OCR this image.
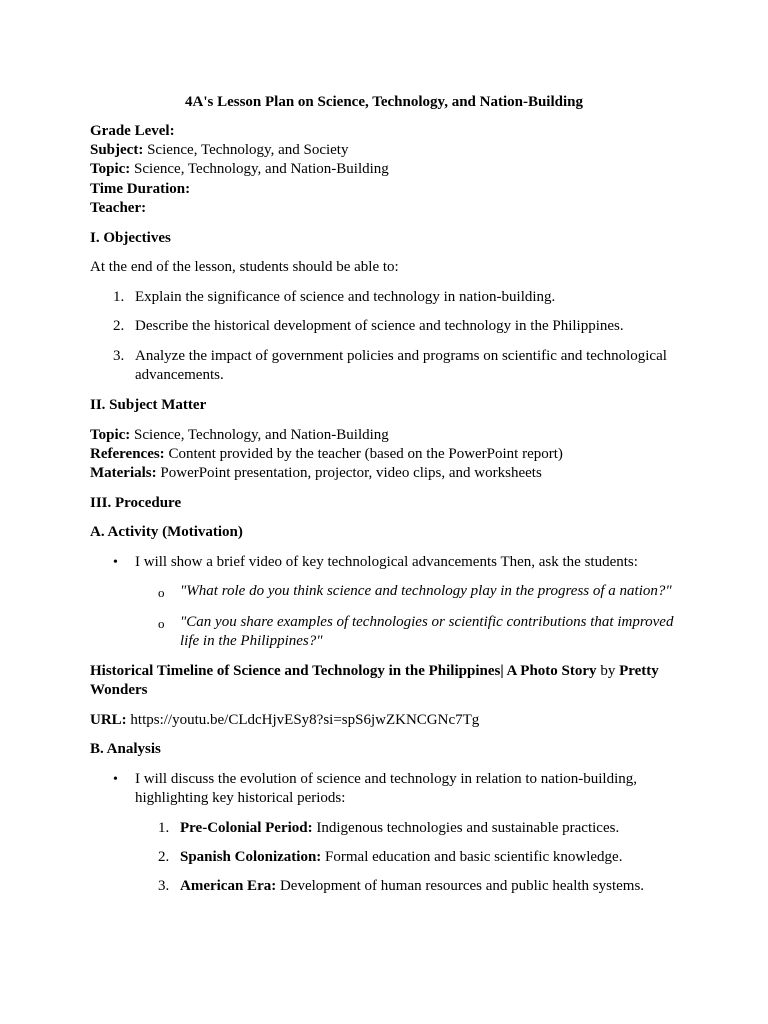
4A's Lesson Plan on Science, Technology, and Nation-Building
Grade Level:
Subject: Science, Technology, and Society
Topic: Science, Technology, and Nation-Building
Time Duration:
Teacher:
I. Objectives
At the end of the lesson, students should be able to:
1. Explain the significance of science and technology in nation-building.
2. Describe the historical development of science and technology in the Philippines.
3. Analyze the impact of government policies and programs on scientific and technological
advancements.
II. Subject Matter
Topic: Science, Technology, and Nation-Building
References: Content provided by the teacher (based on the PowerPoint report)
Materials: PowerPoint presentation, projector, video clips, and worksheets
III. Procedure
A. Activity (Motivation)
• I will show a brief video of key technological advancements Then, ask the students:
o "What role do you think science and technology play in the progress of a nation?"
o "Can you share examples of technologies or scientific contributions that improved
life in the Philippines?"
Historical Timeline of Science and Technology in the Philippines| A Photo Story by Pretty
Wonders
URL: https://youtu.be/CLdcHjvESy8?si=spS6jwZKNCGNc7Tg
B. Analysis
• I will discuss the evolution of science and technology in relation to nation-building,
highlighting key historical periods:
1. Pre-Colonial Period: Indigenous technologies and sustainable practices.
2. Spanish Colonization: Formal education and basic scientific knowledge.
3. American Era: Development of human resources and public health systems.
